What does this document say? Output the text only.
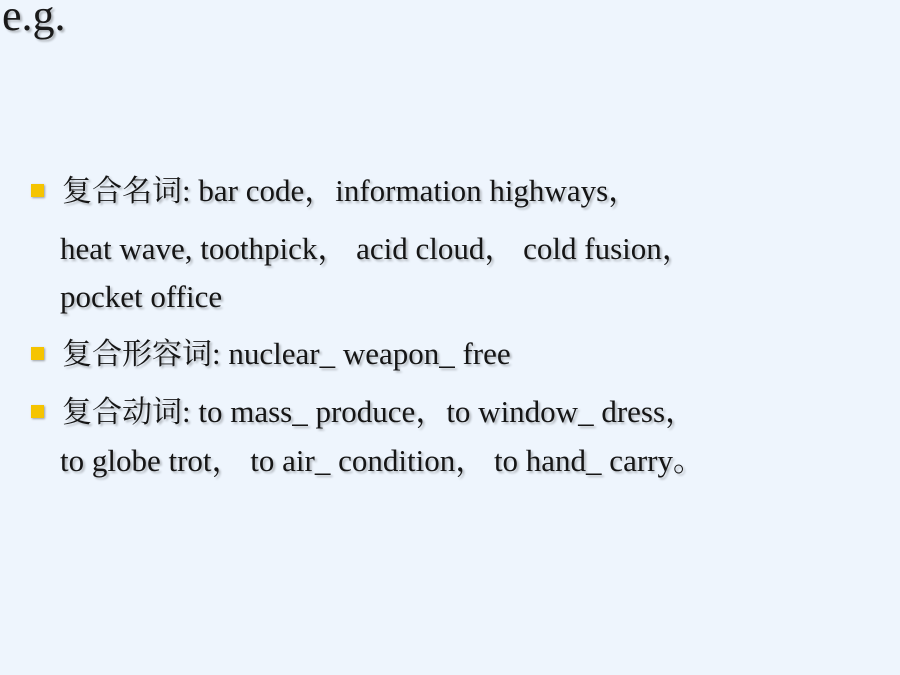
e.g.
复合名词: bar code，information highways，
heat wave, toothpick， acid cloud， cold fusion，
pocket office
复合形容词: nuclear_ weapon_ free
复合动词: to mass_ produce，to window_ dress，
to globe trot， to air_ condition， to hand_ carry。
